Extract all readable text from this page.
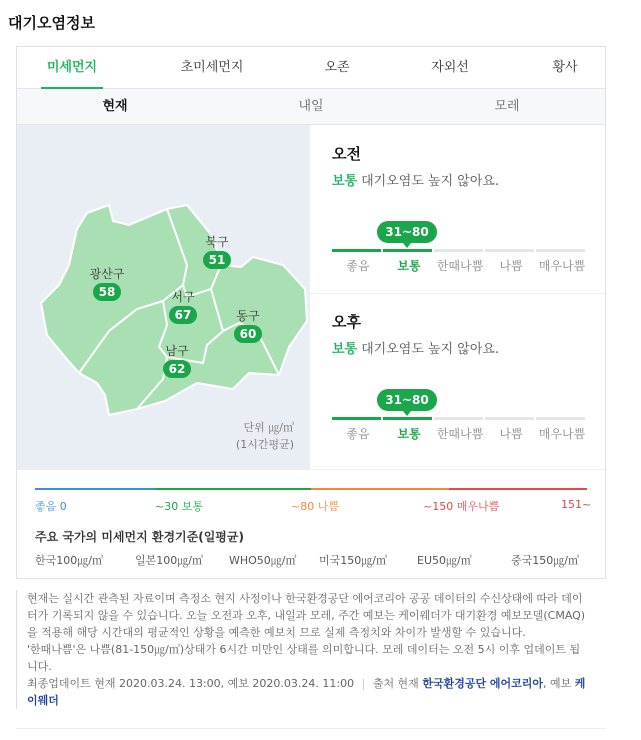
대기오염정보
미세먼지	초미세먼지	오존	자외선	황사
현재	내일	모레
광산구
58
북구
51
서구
67	동구
60
남구
62
단위 ㎍/㎥
(1시간평균)
오전
보통 대기오염도 높지 않아요.
31~80
좋음	보통	한때나쁨	나쁨	매우나쁨
오후
보통 대기오염도 높지 않아요.
31~80
좋음	보통	한때나쁨	나쁨	매우나쁨
좋음 0	~30 보통	~80 나쁨	~150 매우나쁨	151~
주요 국가의 미세먼지 환경기준(일평균)
한국100㎍/㎥	일본100㎍/㎥ WHO50㎍/㎥ 미국150㎍/㎥	EU50㎍/㎥	중국150㎍/㎥
현재는 실시간 관측된 자료이며 측정소 현지 사정이나 한국환경공단 에어코리아 공공 데이터의 수신상태에 따라 데이터가 기록되지 않을 수 있습니다. 오늘 오전과 오후, 내일과 모레, 주간 예보는 케이웨더가 대기환경 예보모델(CMAQ)을 적용해 해당 시간대의 평균적인 상황을 예측한 예보치 므로 실제 측정치와 차이가 발생할 수 있습니다.
'한때나쁨'은 나쁨(81-150㎍/㎥)상태가 6시간 미만인 상태를 의미합니다. 모레 데이터는 오전 5시 이후 업데이트 됩니다.
최종업데이트 현재 2020.03.24. 13:00, 예보 2020.03.24. 11:00 | 출처 현재 한국환경공단 에어코리아, 예보 케이웨더
